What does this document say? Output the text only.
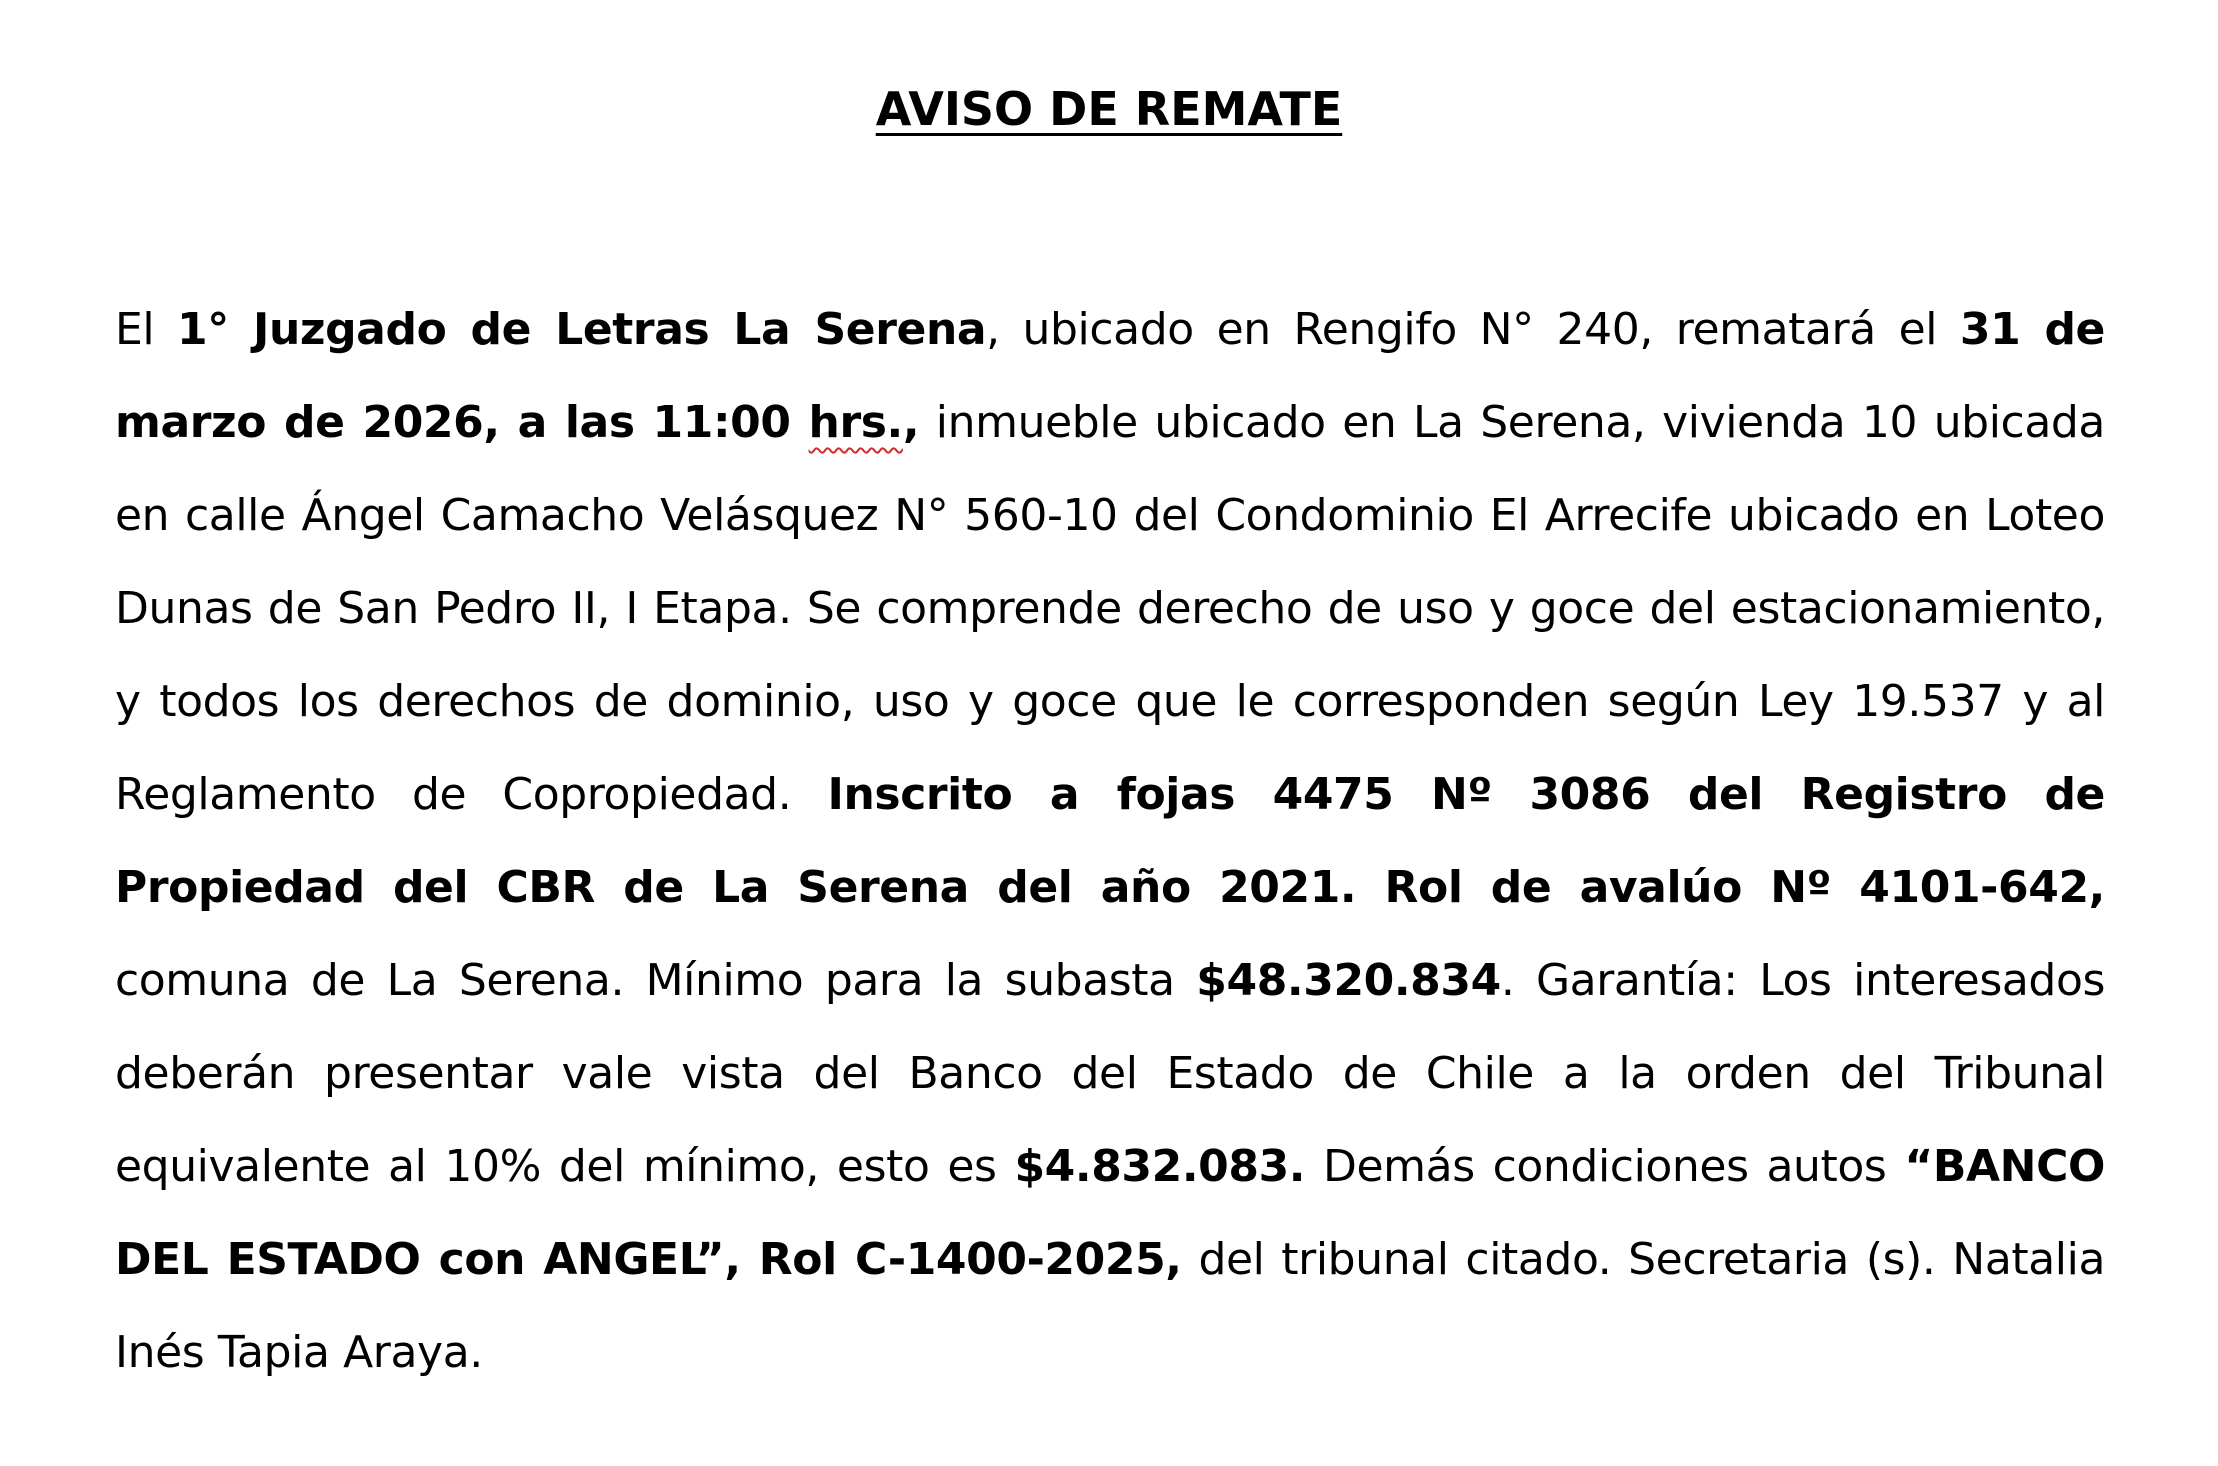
AVISO DE REMATE

El 1° Juzgado de Letras La Serena, ubicado en Rengifo N° 240, rematará el 31 de marzo de 2026, a las 11:00 hrs., inmueble ubicado en La Serena, vivienda 10 ubicada en calle Ángel Camacho Velásquez N° 560-10 del Condominio El Arrecife ubicado en Loteo Dunas de San Pedro II, I Etapa. Se comprende derecho de uso y goce del estacionamiento, y todos los derechos de dominio, uso y goce que le corresponden según Ley 19.537 y al Reglamento de Copropiedad. Inscrito a fojas 4475 Nº 3086 del Registro de Propiedad del CBR de La Serena del año 2021. Rol de avalúo Nº 4101-642, comuna de La Serena. Mínimo para la subasta $48.320.834. Garantía: Los interesados deberán presentar vale vista del Banco del Estado de Chile a la orden del Tribunal equivalente al 10% del mínimo, esto es $4.832.083. Demás condiciones autos “BANCO DEL ESTADO con ANGEL”, Rol C-1400-2025, del tribunal citado. Secretaria (s). Natalia Inés Tapia Araya.
